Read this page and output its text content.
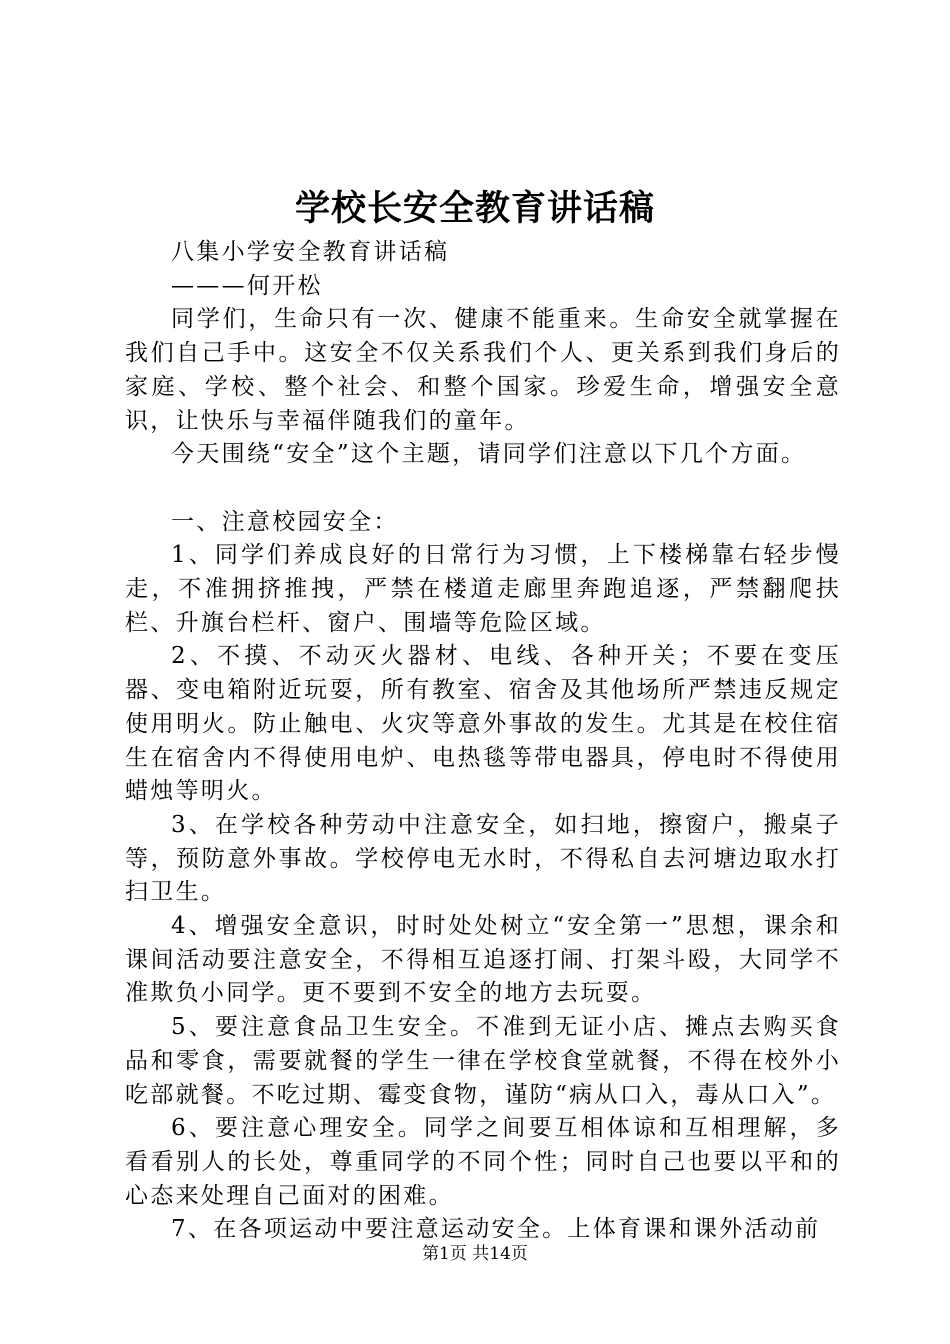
学校长安全教育讲话稿

八集小学安全教育讲话稿

———何开松

同学们，生命只有一次、健康不能重来。生命安全就掌握在我们自己手中。这安全不仅关系我们个人、更关系到我们身后的家庭、学校、整个社会、和整个国家。珍爱生命，增强安全意识，让快乐与幸福伴随我们的童年。

今天围绕“安全”这个主题，请同学们注意以下几个方面。

一、注意校园安全：

1、同学们养成良好的日常行为习惯，上下楼梯靠右轻步慢走，不准拥挤推拽，严禁在楼道走廊里奔跑追逐，严禁翻爬扶栏、升旗台栏杆、窗户、围墙等危险区域。

2、不摸、不动灭火器材、电线、各种开关；不要在变压器、变电箱附近玩耍，所有教室、宿舍及其他场所严禁违反规定使用明火。防止触电、火灾等意外事故的发生。尤其是在校住宿生在宿舍内不得使用电炉、电热毯等带电器具，停电时不得使用蜡烛等明火。

3、在学校各种劳动中注意安全，如扫地，擦窗户，搬桌子等，预防意外事故。学校停电无水时，不得私自去河塘边取水打扫卫生。

4、增强安全意识，时时处处树立“安全第一”思想，课余和课间活动要注意安全，不得相互追逐打闹、打架斗殴，大同学不准欺负小同学。更不要到不安全的地方去玩耍。

5、要注意食品卫生安全。不准到无证小店、摊点去购买食品和零食，需要就餐的学生一律在学校食堂就餐，不得在校外小吃部就餐。不吃过期、霉变食物，谨防“病从口入，毒从口入”。

6、要注意心理安全。同学之间要互相体谅和互相理解，多看看别人的长处，尊重同学的不同个性；同时自己也要以平和的心态来处理自己面对的困难。

7、在各项运动中要注意运动安全。上体育课和课外活动前

第1页 共14页
